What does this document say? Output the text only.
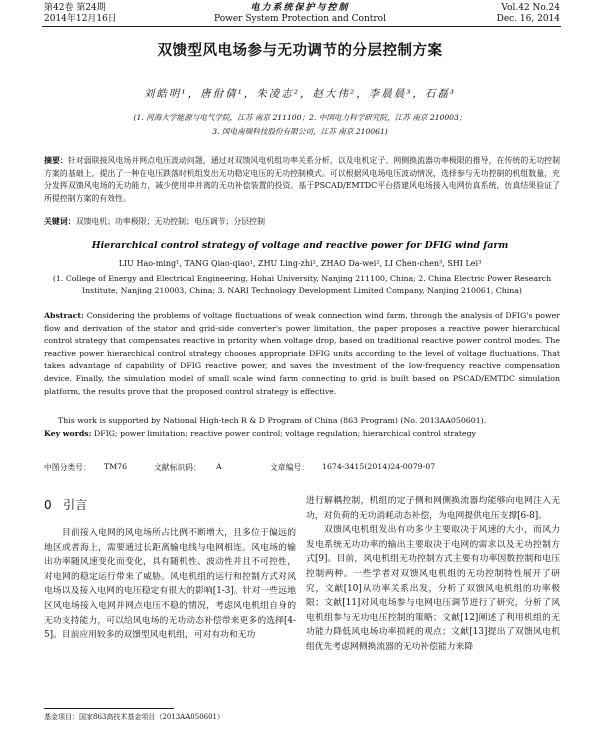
第42卷 第24期
2014年12月16日
电力系统保护与控制
Power System Protection and Control
Vol.42 No.24
Dec. 16, 2014
双馈型风电场参与无功调节的分层控制方案
刘皓明¹，唐佾倩¹，朱凌志²，赵大伟²，李晨晨³，石磊³
(1. 河海大学能源与电气学院，江苏 南京 211100；2. 中国电力科学研究院，江苏 南京 210003；
3. 国电南瑞科技股份有限公司，江苏 南京 210061)
摘要：针对弱联接风电场并网点电压波动问题，通过对双馈风电机组功率关系分析，以及电机定子、网侧换流器功率极限的推导，在传统的无功控制方案的基础上，提出了一种在电压跌落时机组发出无功稳定电压的无功控制模式。可以根据风电场电压波动情况，选择参与无功控制的机组数量，充分发挥双馈风电场的无功能力，减少使用串并离的无功补偿装置的投资。基于PSCAD/EMTDC平台搭建风电场接入电网仿真系统，仿真结果验证了所提控制方案的有效性。
关键词：双馈电机；功率极限；无功控制；电压调节；分层控制
Hierarchical control strategy of voltage and reactive power for DFIG wind farm
LIU Hao-ming¹, TANG Qiao-qiao¹, ZHU Ling-zhi², ZHAO Da-wei², LI Chen-chen³, SHI Lei³
(1. College of Energy and Electrical Engineering, Hohai University, Nanjing 211100, China; 2. China Electric Power Research Institute, Nanjing 210003, China; 3. NARI Technology Development Limited Company, Nanjing 210061, China)
Abstract: Considering the problems of voltage fluctuations of weak connection wind farm, through the analysis of DFIG's power flow and derivation of the stator and grid-side converter's power limitation, the paper proposes a reactive power hierarchical control strategy that compensates reactive in priority when voltage drop, based on traditional reactive power control modes. The reactive power hierarchical control strategy chooses appropriate DFIG units according to the level of voltage fluctuations. That takes advantage of capability of DFIG reactive power, and saves the investment of the low-frequency reactive compensation device. Finally, the simulation model of small scale wind farm connecting to grid is built based on PSCAD/EMTDC simulation platform, the results prove that the proposed control strategy is effective.
This work is supported by National High-tech R & D Program of China (863 Program) (No. 2013AA050601).
Key words: DFIG; power limitation; reactive power control; voltage regulation; hierarchical control strategy
中图分类号： TM76	文献标识码： A	文章编号： 1674-3415(2014)24-0079-07
0 引言
目前接入电网的风电场所占比例不断增大，且多位于偏远的地区或者海上，需要通过长距离输电线与电网相连。风电场的输出功率随风速变化而变化，具有随机性、波动性并且不可控性，对电网的稳定运行带来了威胁。风电机组的运行和控制方式对风电场以及接入电网的电压稳定有很大的影响[1-3]。针对一些远地区风电场接入电网并网点电压不稳的情况，考虑风电机组自身的无功支持能力，可以给风电场的无功动态补偿带来更多的选择[4-5]。目前应用较多的双馈型风电机组，可对有功和无功
进行解耦控制，机组的定子侧和网侧换流器均能够向电网注入无功，对负荷的无功消耗动态补偿，为电网提供电压支撑[6-8]。
双馈风电机组发出有功多少主要取决于风速的大小，而风力发电系统无功功率的输出主要取决于电网的需求以及无功控制方式[9]。目前，风电机组无功控制方式主要有功率因数控制和电压控制两种。一些学者对双馈风电机组的无功控制特性展开了研究，文献[10]从功率关系出发，分析了双馈风电机组的功率极限；文献[11]对风电场参与电网电压调节进行了研究，分析了风电机组参与无功电压控制的策略；文献[12]阐述了利用机组的无功能力降低风电场功率损耗的观点；文献[13]提出了双馈风电机组优先考虑网侧换流器的无功补偿能力来降
基金项目：国家863高技术基金项目（2013AA050601）
